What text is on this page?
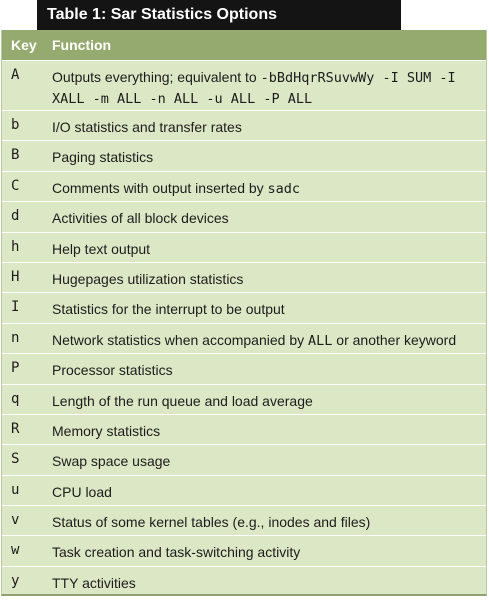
Table 1: Sar Statistics Options
Key Function
A Outputs everything; equivalent to -bBdHqrRSuvwWy -I SUM -I XALL -m ALL -n ALL -u ALL -P ALL
b I/O statistics and transfer rates
B Paging statistics
C Comments with output inserted by sadc
d Activities of all block devices
h Help text output
H Hugepages utilization statistics
I Statistics for the interrupt to be output
n Network statistics when accompanied by ALL or another keyword
P Processor statistics
q Length of the run queue and load average
R Memory statistics
S Swap space usage
u CPU load
v Status of some kernel tables (e.g., inodes and files)
w Task creation and task-switching activity
y TTY activities
